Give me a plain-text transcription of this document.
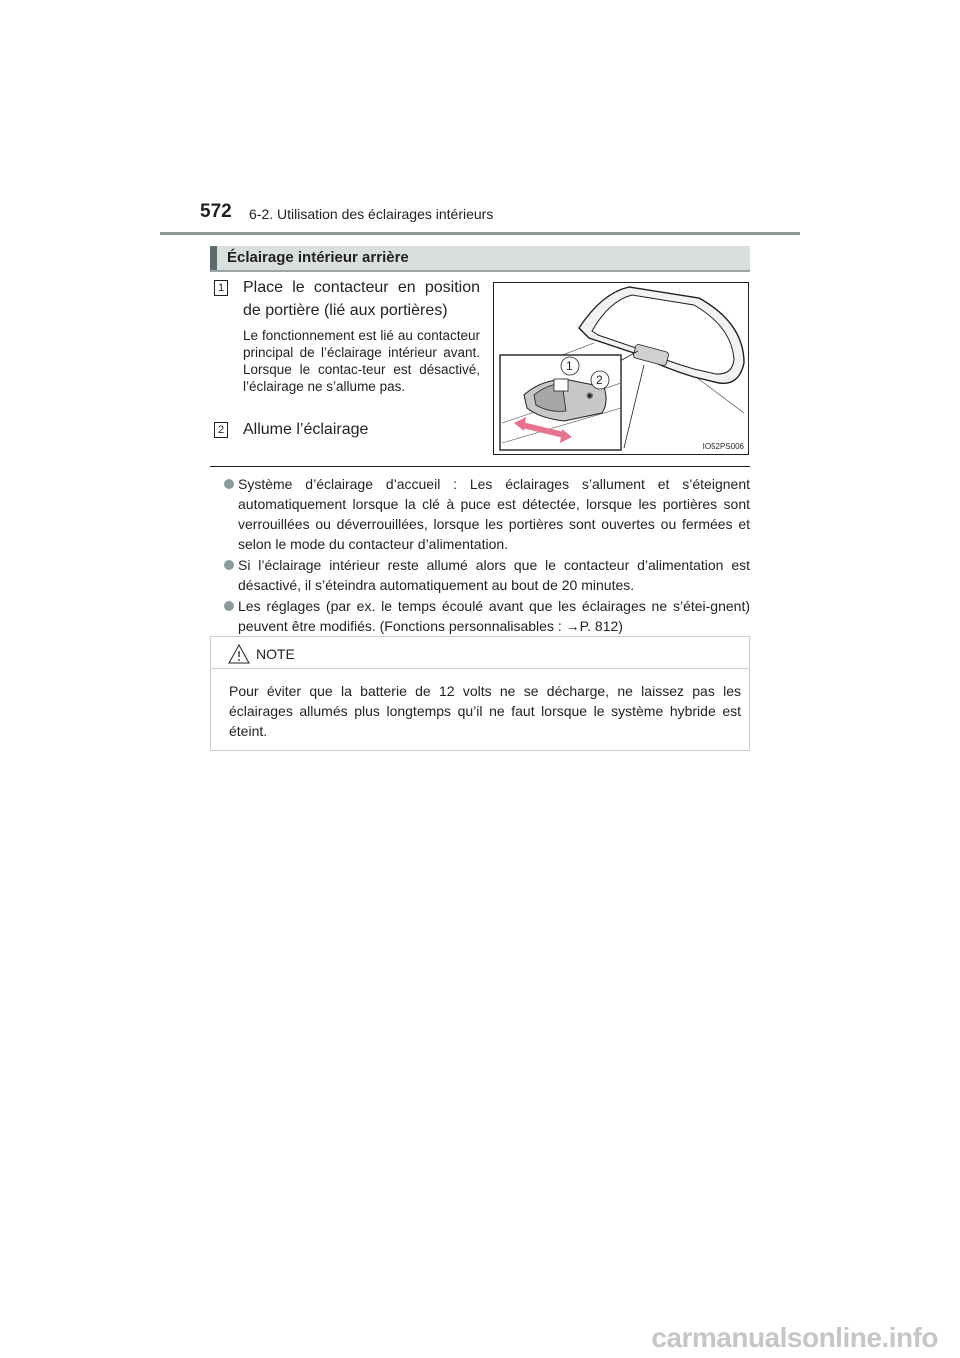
572 6-2. Utilisation des éclairages intérieurs
Éclairage intérieur arrière
1 Place le contacteur en position de portière (lié aux portières)
Le fonctionnement est lié au contacteur principal de l’éclairage intérieur avant. Lorsque le contac-teur est désactivé, l’éclairage ne s’allume pas.
2 Allume l’éclairage
✺
1
2
IO52PS006
Système d’éclairage d’accueil : Les éclairages s’allument et s’éteignent automatiquement lorsque la clé à puce est détectée, lorsque les portières sont verrouillées ou déverrouillées, lorsque les portières sont ouvertes ou fermées et selon le mode du contacteur d’alimentation.
Si l’éclairage intérieur reste allumé alors que le contacteur d’alimentation est désactivé, il s’éteindra automatiquement au bout de 20 minutes.
Les réglages (par ex. le temps écoulé avant que les éclairages ne s’étei-gnent) peuvent être modifiés. (Fonctions personnalisables : →P. 812)
NOTE
Pour éviter que la batterie de 12 volts ne se décharge, ne laissez pas les éclairages allumés plus longtemps qu’il ne faut lorsque le système hybride est éteint.
carmanualsonline.info
